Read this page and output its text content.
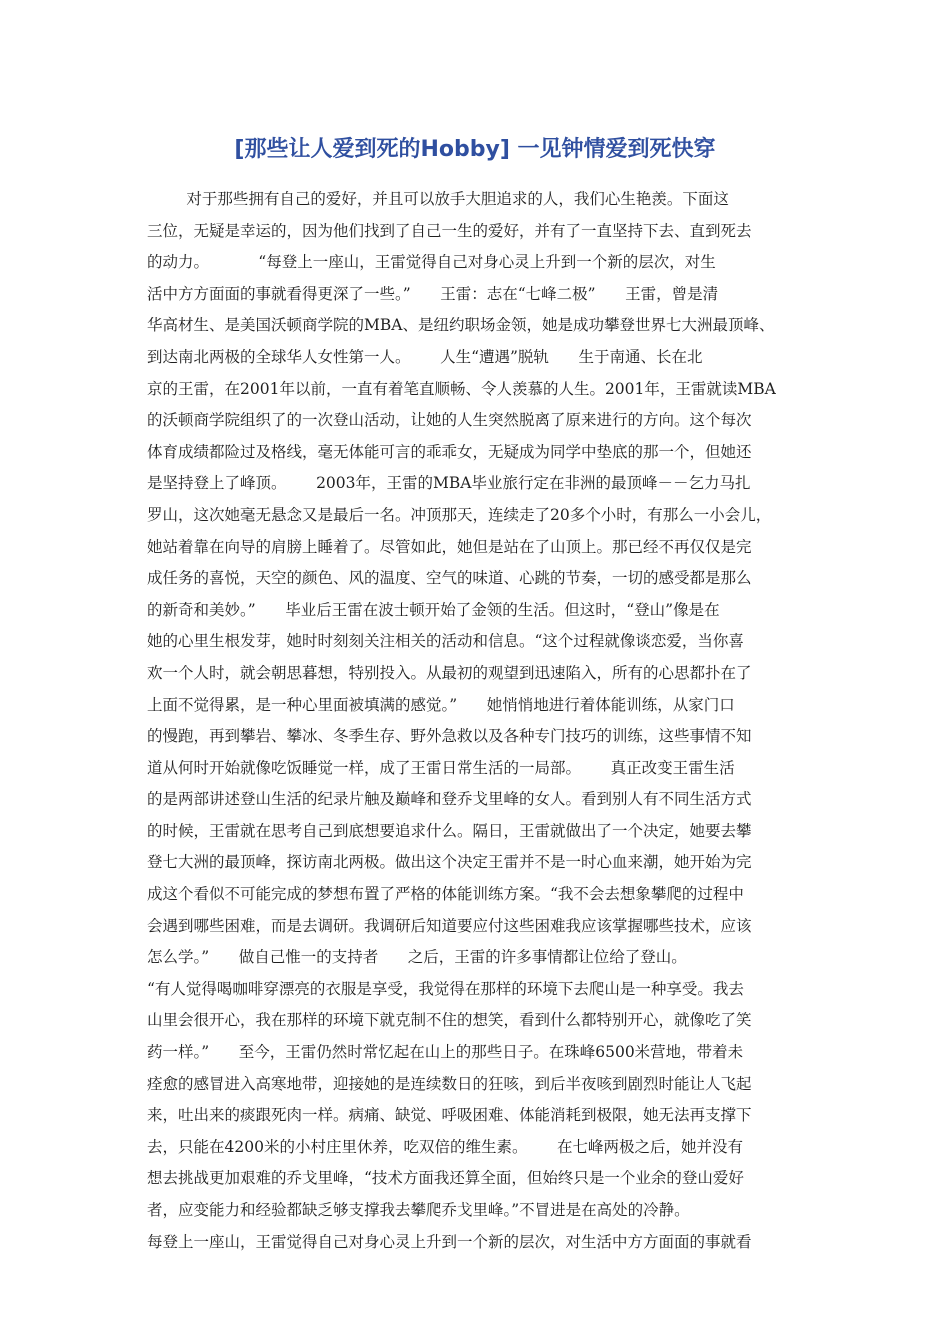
[那些让人爱到死的Hobby] 一见钟情爱到死快穿
对于那些拥有自己的爱好，并且可以放手大胆追求的人，我们心生艳羡。下面这
三位，无疑是幸运的，因为他们找到了自己一生的爱好，并有了一直坚持下去、直到死去
的动力。          “每登上一座山，王雷觉得自己对身心灵上升到一个新的层次，对生
活中方方面面的事就看得更深了一些。”      王雷：志在“七峰二极”      王雷，曾是清
华高材生、是美国沃顿商学院的MBA、是纽约职场金领，她是成功攀登世界七大洲最顶峰、
到达南北两极的全球华人女性第一人。      人生“遭遇”脱轨      生于南通、长在北
京的王雷，在2001年以前，一直有着笔直顺畅、令人羡慕的人生。2001年，王雷就读MBA
的沃顿商学院组织了的一次登山活动，让她的人生突然脱离了原来进行的方向。这个每次
体育成绩都险过及格线，毫无体能可言的乖乖女，无疑成为同学中垫底的那一个，但她还
是坚持登上了峰顶。      2003年，王雷的MBA毕业旅行定在非洲的最顶峰－－乞力马扎
罗山，这次她毫无悬念又是最后一名。冲顶那天，连续走了20多个小时，有那么一小会儿，
她站着靠在向导的肩膀上睡着了。尽管如此，她但是站在了山顶上。那已经不再仅仅是完
成任务的喜悦，天空的颜色、风的温度、空气的味道、心跳的节奏，一切的感受都是那么
的新奇和美妙。”      毕业后王雷在波士顿开始了金领的生活。但这时，“登山”像是在
她的心里生根发芽，她时时刻刻关注相关的活动和信息。“这个过程就像谈恋爱，当你喜
欢一个人时，就会朝思暮想，特别投入。从最初的观望到迅速陷入，所有的心思都扑在了
上面不觉得累，是一种心里面被填满的感觉。”      她悄悄地进行着体能训练，从家门口
的慢跑，再到攀岩、攀冰、冬季生存、野外急救以及各种专门技巧的训练，这些事情不知
道从何时开始就像吃饭睡觉一样，成了王雷日常生活的一局部。      真正改变王雷生活
的是两部讲述登山生活的纪录片触及巅峰和登乔戈里峰的女人。看到别人有不同生活方式
的时候，王雷就在思考自己到底想要追求什么。隔日，王雷就做出了一个决定，她要去攀
登七大洲的最顶峰，探访南北两极。做出这个决定王雷并不是一时心血来潮，她开始为完
成这个看似不可能完成的梦想布置了严格的体能训练方案。“我不会去想象攀爬的过程中
会遇到哪些困难，而是去调研。我调研后知道要应付这些困难我应该掌握哪些技术，应该
怎么学。”      做自己惟一的支持者      之后，王雷的许多事情都让位给了登山。
“有人觉得喝咖啡穿漂亮的衣服是享受，我觉得在那样的环境下去爬山是一种享受。我去
山里会很开心，我在那样的环境下就克制不住的想笑，看到什么都特别开心，就像吃了笑
药一样。”      至今，王雷仍然时常忆起在山上的那些日子。在珠峰6500米营地，带着未
痊愈的感冒进入高寒地带，迎接她的是连续数日的狂咳，到后半夜咳到剧烈时能让人飞起
来，吐出来的痰跟死肉一样。病痛、缺觉、呼吸困难、体能消耗到极限，她无法再支撑下
去，只能在4200米的小村庄里休养，吃双倍的维生素。      在七峰两极之后，她并没有
想去挑战更加艰难的乔戈里峰，“技术方面我还算全面，但始终只是一个业余的登山爱好
者，应变能力和经验都缺乏够支撑我去攀爬乔戈里峰。”不冒进是在高处的冷静。
每登上一座山，王雷觉得自己对身心灵上升到一个新的层次，对生活中方方面面的事就看
